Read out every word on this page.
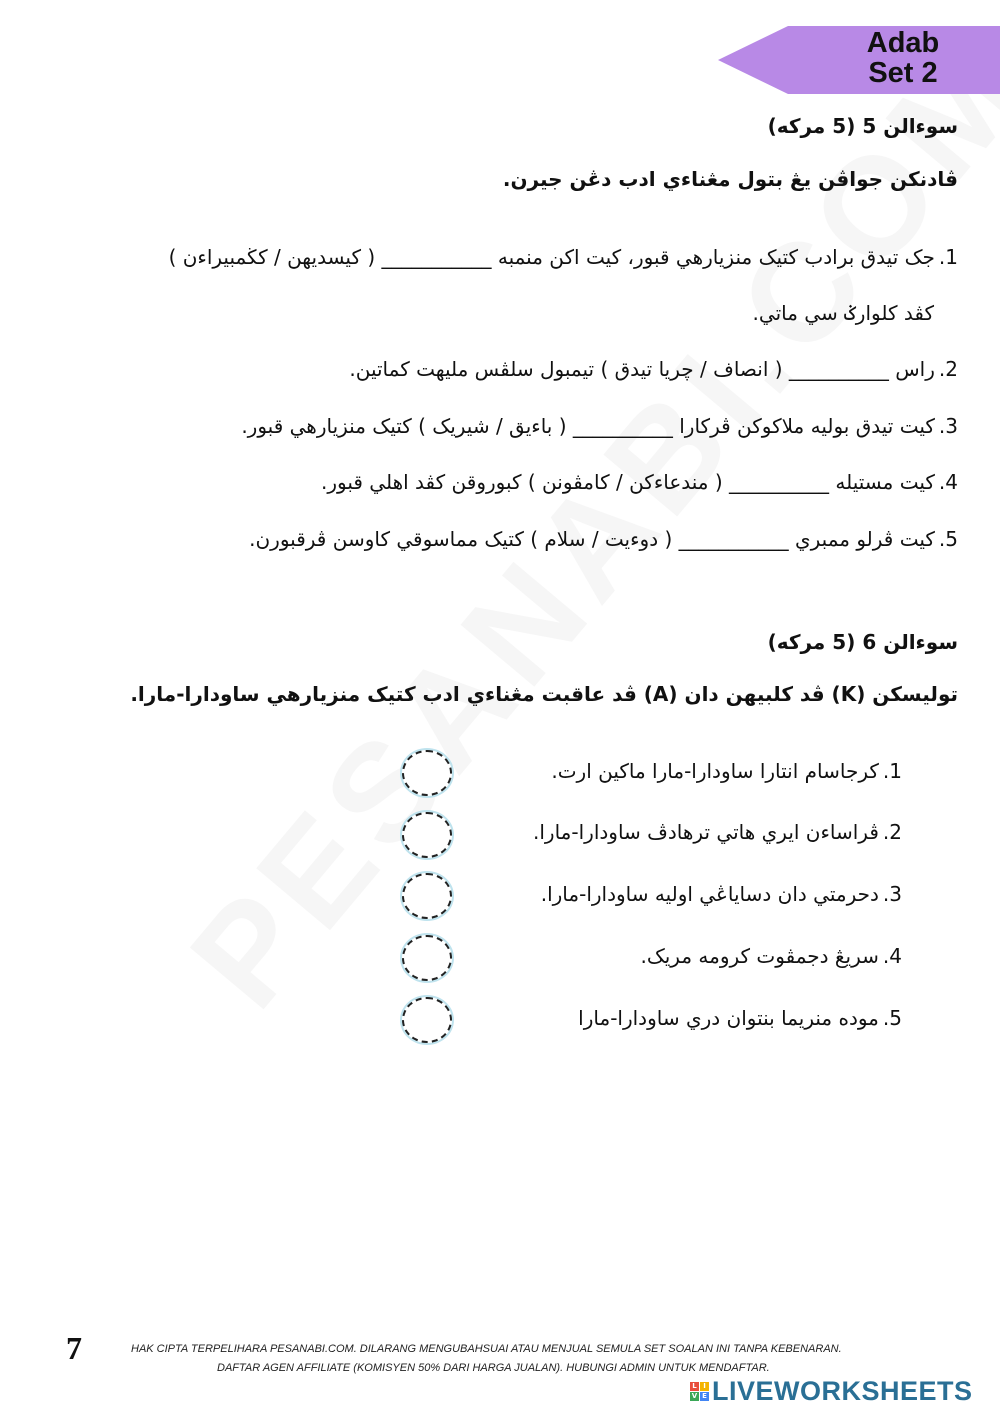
Adab
Set 2
سوءالن 5 (5 مرکه)
ڤادنکن جواڤن يڠ بتول مڠناءي ادب دڠن جيرن.
1.جک تيدق برادب کتيک منزيارهي قبور، کيت اکن منمبه ___________ ( کيسديهن / کڬمبيراءن )
کڤد کلوارݢ سي ماتي.
2.راس __________ ( انصاف / چريا تيدق ) تيمبول سلڤس مليهت کماتين.
3.کيت تيدق بوليه ملاکوکن ڤرکارا __________ ( باءيق / شيريک ) کتيک منزيارهي قبور.
4.کيت مستيله __________ ( مندعاءکن / کامڤونن ) کبوروقن کڤد اهلي قبور.
5.کيت ڤرلو ممبري ___________ ( دوءيت / سلام ) کتيک مماسوقي کاوسن ڤرقبورن.
سوءالن 6 (5 مرکه)
توليسکن (K) ڤد کلبيهن دان (A) ڤد عاقبت مڠناءي ادب کتيک منزيارهي ساودارا-مارا.
1.کرجاسام انتارا ساودارا-مارا ماکين ارت.
2.ڤراساءن ايري هاتي ترهادڤ ساودارا-مارا.
3.دحرمتي دان دساياڠي اوليه ساودارا-مارا.
4.سريڠ دجمڤوت کروم‍ه مريک.
5.موده منريما بنتوان دري ساودارا-مارا
7	HAK CIPTA TERPELIHARA PESANABI.COM. DILARANG MENGUBAHSUAI ATAU MENJUAL SEMULA SET SOALAN INI TANPA KEBENARAN.
DAFTAR AGEN AFFILIATE (KOMISYEN 50% DARI HARGA JUALAN). HUBUNGI ADMIN UNTUK MENDAFTAR.
L I
V E LIVEWORKSHEETS
